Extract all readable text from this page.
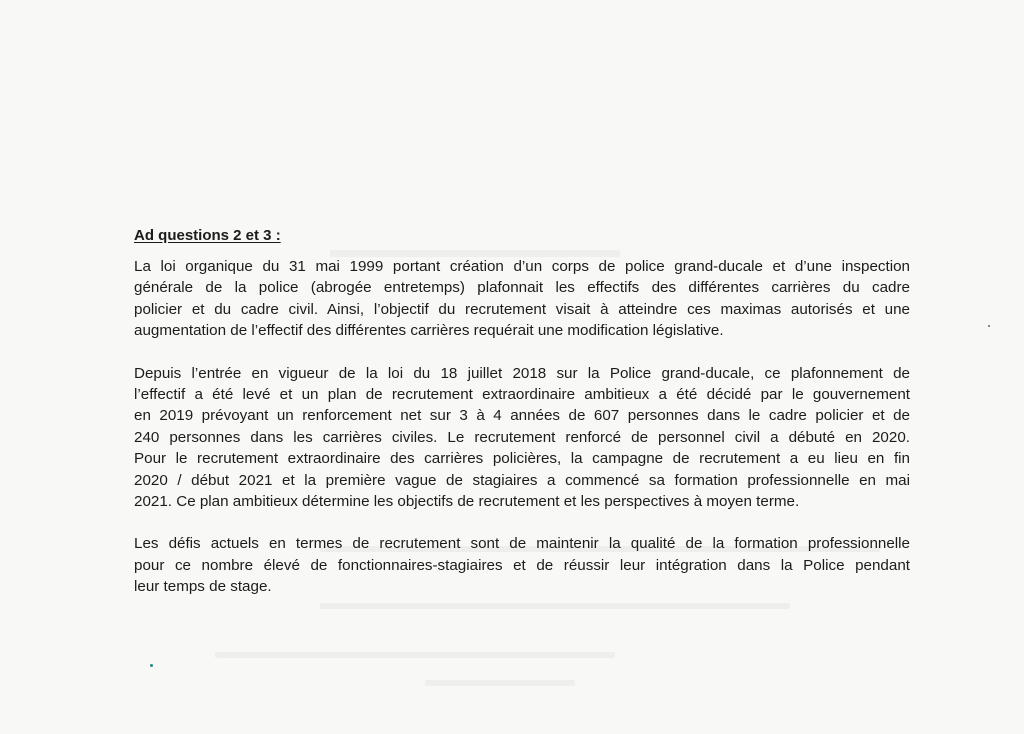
Ad questions 2 et 3 :
La loi organique du 31 mai 1999 portant création d’un corps de police grand-ducale et d’une inspection
générale de la police (abrogée entretemps) plafonnait les effectifs des différentes carrières du cadre
policier et du cadre civil. Ainsi, l’objectif du recrutement visait à atteindre ces maximas autorisés et une
augmentation de l’effectif des différentes carrières requérait une modification législative.
Depuis l’entrée en vigueur de la loi du 18 juillet 2018 sur la Police grand-ducale, ce plafonnement de
l’effectif a été levé et un plan de recrutement extraordinaire ambitieux a été décidé par le gouvernement
en 2019 prévoyant un renforcement net sur 3 à 4 années de 607 personnes dans le cadre policier et de
240 personnes dans les carrières civiles. Le recrutement renforcé de personnel civil a débuté en 2020.
Pour le recrutement extraordinaire des carrières policières, la campagne de recrutement a eu lieu en fin
2020 / début 2021 et la première vague de stagiaires a commencé sa formation professionnelle en mai
2021. Ce plan ambitieux détermine les objectifs de recrutement et les perspectives à moyen terme.
Les défis actuels en termes de recrutement sont de maintenir la qualité de la formation professionnelle
pour ce nombre élevé de fonctionnaires-stagiaires et de réussir leur intégration dans la Police pendant
leur temps de stage.
